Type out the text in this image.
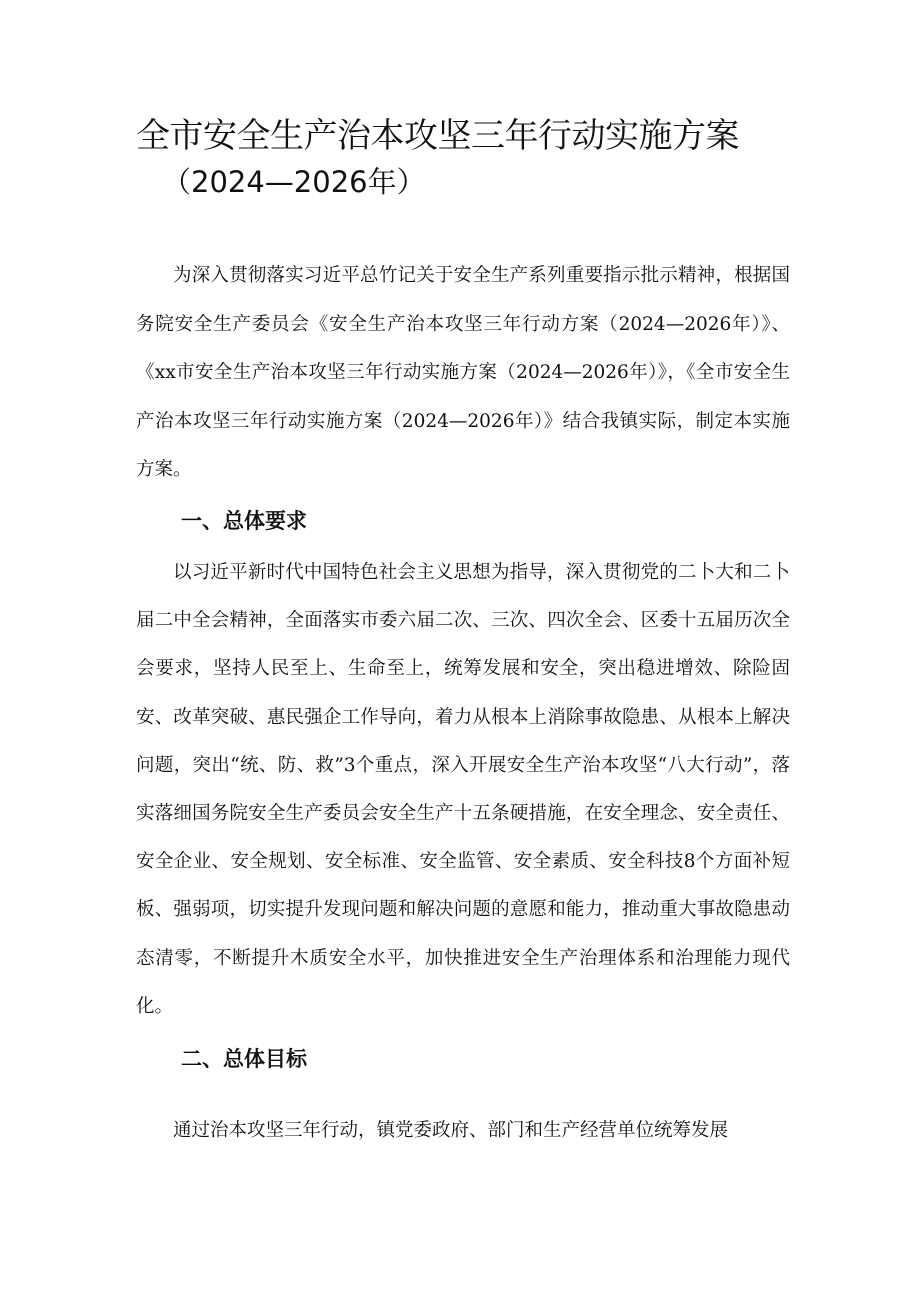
全市安全生产治本攻坚三年行动实施方案
（2024—2026年）

为深入贯彻落实习近平总竹记关于安全生产系列重要指示批示精神，根据国务院安全生产委员会《安全生产治本攻坚三年行动方案（2024—2026年）》、《xx市安全生产治本攻坚三年行动实施方案（2024—2026年）》，《全市安全生产治本攻坚三年行动实施方案（2024—2026年）》结合我镇实际，制定本实施方案。

一、总体要求

以习近平新时代中国特色社会主义思想为指导，深入贯彻党的二卜大和二卜届二中全会精神，全面落实市委六届二次、三次、四次全会、区委十五届历次全会要求，坚持人民至上、生命至上，统筹发展和安全，突出稳进增效、除险固安、改革突破、惠民强企工作导向，着力从根本上消除事故隐患、从根本上解决问题，突出“统、防、救”3个重点，深入开展安全生产治本攻坚“八大行动”，落实落细国务院安全生产委员会安全生产十五条硬措施，在安全理念、安全责任、安全企业、安全规划、安全标准、安全监管、安全素质、安全科技8个方面补短板、强弱项，切实提升发现问题和解决问题的意愿和能力，推动重大事故隐患动态清零，不断提升木质安全水平，加快推进安全生产治理体系和治理能力现代化。

二、总体目标

通过治本攻坚三年行动，镇党委政府、部门和生产经营单位统筹发展
